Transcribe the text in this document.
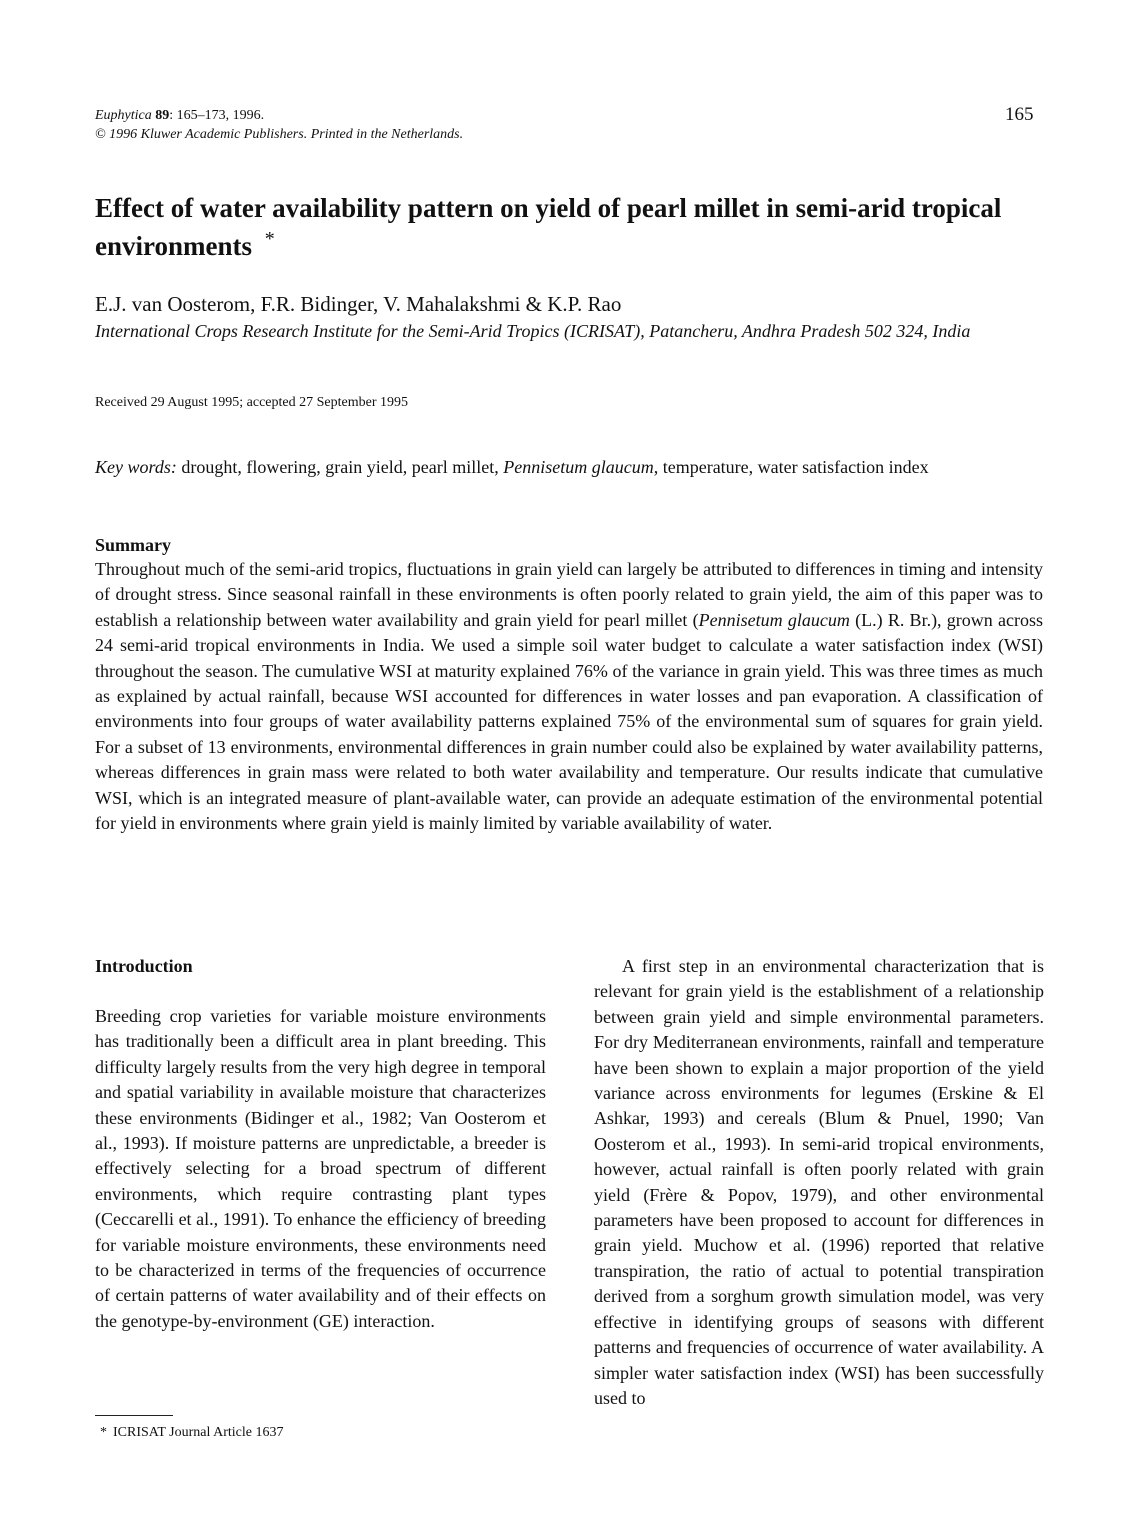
Euphytica 89: 165–173, 1996.
© 1996 Kluwer Academic Publishers. Printed in the Netherlands.
165
Effect of water availability pattern on yield of pearl millet in semi-arid tropical environments *
E.J. van Oosterom, F.R. Bidinger, V. Mahalakshmi & K.P. Rao
International Crops Research Institute for the Semi-Arid Tropics (ICRISAT), Patancheru, Andhra Pradesh 502 324, India
Received 29 August 1995; accepted 27 September 1995
Key words: drought, flowering, grain yield, pearl millet, Pennisetum glaucum, temperature, water satisfaction index
Summary
Throughout much of the semi-arid tropics, fluctuations in grain yield can largely be attributed to differences in timing and intensity of drought stress. Since seasonal rainfall in these environments is often poorly related to grain yield, the aim of this paper was to establish a relationship between water availability and grain yield for pearl millet (Pennisetum glaucum (L.) R. Br.), grown across 24 semi-arid tropical environments in India. We used a simple soil water budget to calculate a water satisfaction index (WSI) throughout the season. The cumulative WSI at maturity explained 76% of the variance in grain yield. This was three times as much as explained by actual rainfall, because WSI accounted for differences in water losses and pan evaporation. A classification of environments into four groups of water availability patterns explained 75% of the environmental sum of squares for grain yield. For a subset of 13 environments, environmental differences in grain number could also be explained by water availability patterns, whereas differences in grain mass were related to both water availability and temperature. Our results indicate that cumulative WSI, which is an integrated measure of plant-available water, can provide an adequate estimation of the environmental potential for yield in environments where grain yield is mainly limited by variable availability of water.
Introduction

Breeding crop varieties for variable moisture environments has traditionally been a difficult area in plant breeding. This difficulty largely results from the very high degree in temporal and spatial variability in available moisture that characterizes these environments (Bidinger et al., 1982; Van Oosterom et al., 1993). If moisture patterns are unpredictable, a breeder is effectively selecting for a broad spectrum of different environments, which require contrasting plant types (Ceccarelli et al., 1991). To enhance the efficiency of breeding for variable moisture environments, these environments need to be characterized in terms of the frequencies of occurrence of certain patterns of water availability and of their effects on the genotype-by-environment (GE) interaction.

A first step in an environmental characterization that is relevant for grain yield is the establishment of a relationship between grain yield and simple environmental parameters. For dry Mediterranean environments, rainfall and temperature have been shown to explain a major proportion of the yield variance across environments for legumes (Erskine & El Ashkar, 1993) and cereals (Blum & Pnuel, 1990; Van Oosterom et al., 1993). In semi-arid tropical environments, however, actual rainfall is often poorly related with grain yield (Frère & Popov, 1979), and other environmental parameters have been proposed to account for differences in grain yield. Muchow et al. (1996) reported that relative transpiration, the ratio of actual to potential transpiration derived from a sorghum growth simulation model, was very effective in identifying groups of seasons with different patterns and frequencies of occurrence of water availability. A simpler water satisfaction index (WSI) has been successfully used to

* ICRISAT Journal Article 1637
